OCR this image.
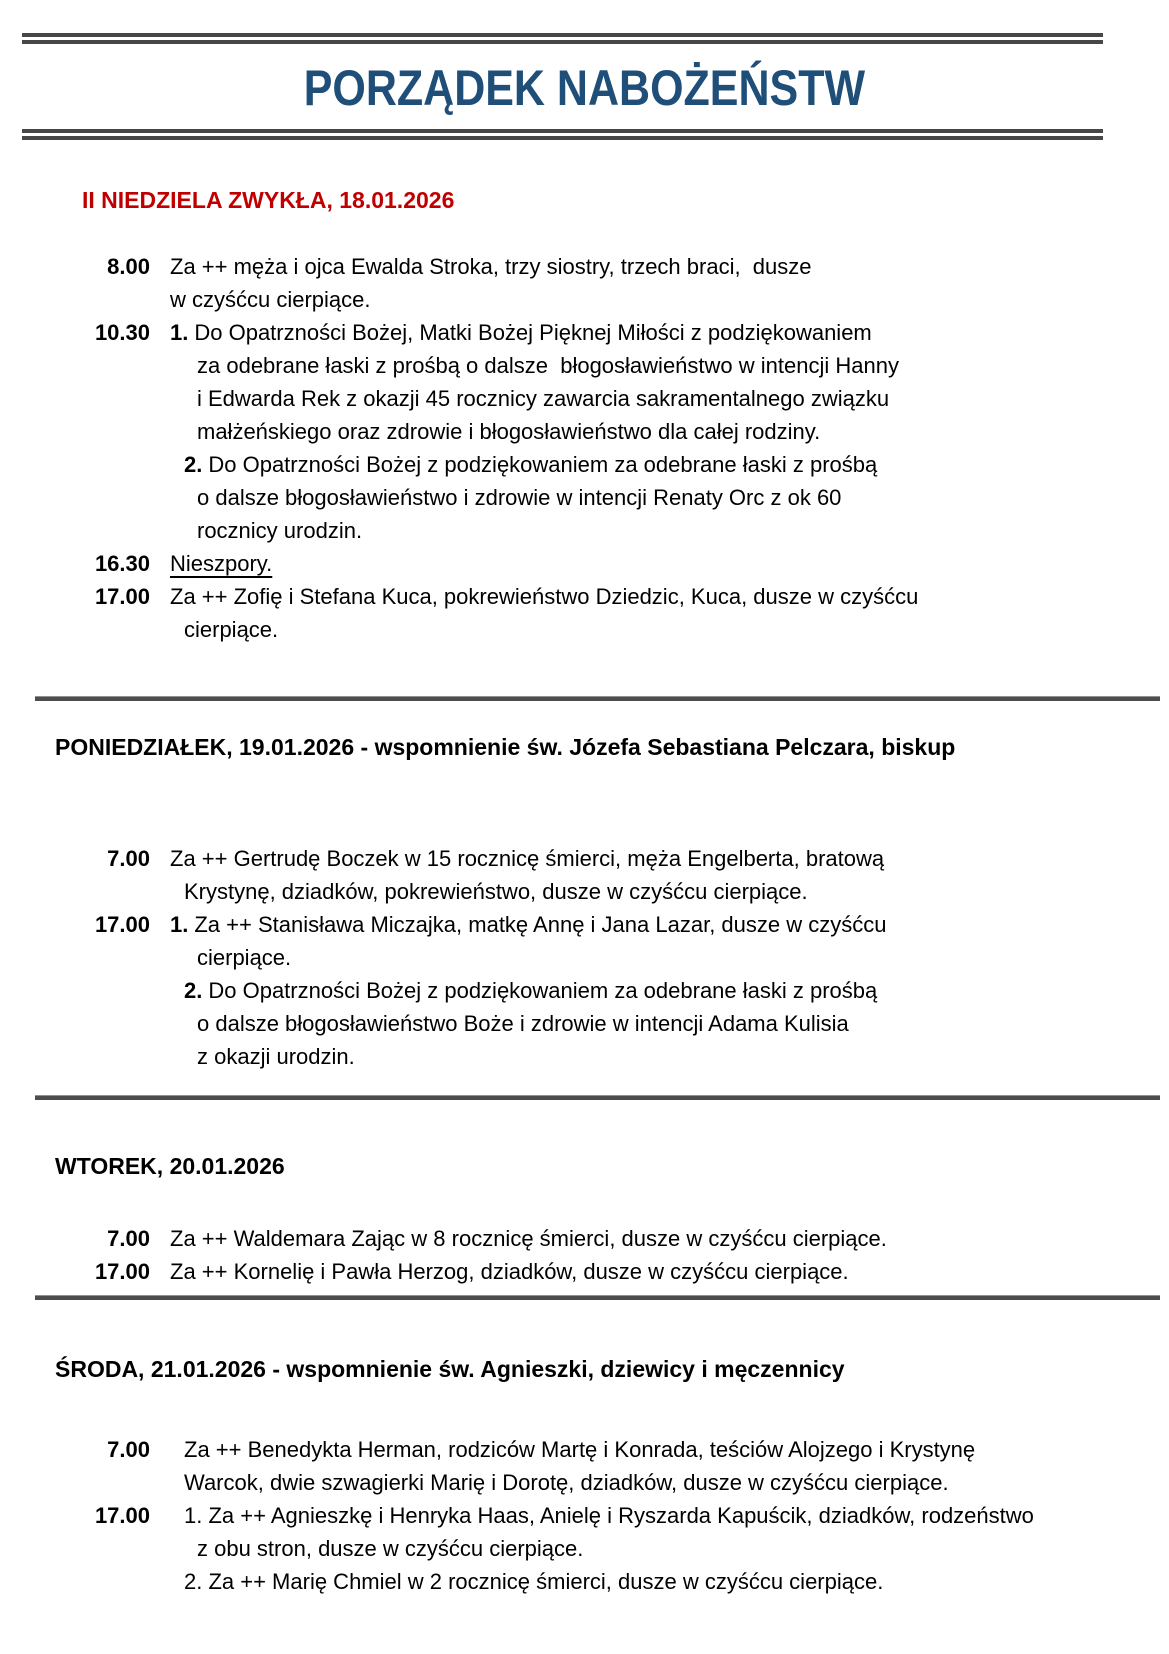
PORZĄDEK NABOŻEŃSTW
II NIEDZIELA ZWYKŁA, 18.01.2026
8.00 Za ++ męża i ojca Ewalda Stroka, trzy siostry, trzech braci,  dusze
w czyśćcu cierpiące.
10.30 1. Do Opatrzności Bożej, Matki Bożej Pięknej Miłości z podziękowaniem
za odebrane łaski z prośbą o dalsze  błogosławieństwo w intencji Hanny
i Edwarda Rek z okazji 45 rocznicy zawarcia sakramentalnego związku
małżeńskiego oraz zdrowie i błogosławieństwo dla całej rodziny.
2. Do Opatrzności Bożej z podziękowaniem za odebrane łaski z prośbą
o dalsze błogosławieństwo i zdrowie w intencji Renaty Orc z ok 60
rocznicy urodzin.
16.30 Nieszpory.
17.00 Za ++ Zofię i Stefana Kuca, pokrewieństwo Dziedzic, Kuca, dusze w czyśćcu
cierpiące.
PONIEDZIAŁEK, 19.01.2026 - wspomnienie św. Józefa Sebastiana Pelczara, biskup
7.00 Za ++ Gertrudę Boczek w 15 rocznicę śmierci, męża Engelberta, bratową
Krystynę, dziadków, pokrewieństwo, dusze w czyśćcu cierpiące.
17.00 1. Za ++ Stanisława Miczajka, matkę Annę i Jana Lazar, dusze w czyśćcu
cierpiące.
2. Do Opatrzności Bożej z podziękowaniem za odebrane łaski z prośbą
o dalsze błogosławieństwo Boże i zdrowie w intencji Adama Kulisia
z okazji urodzin.
WTOREK, 20.01.2026
7.00 Za ++ Waldemara Zając w 8 rocznicę śmierci, dusze w czyśćcu cierpiące.
17.00 Za ++ Kornelię i Pawła Herzog, dziadków, dusze w czyśćcu cierpiące.
ŚRODA, 21.01.2026 - wspomnienie św. Agnieszki, dziewicy i męczennicy
7.00	Za ++ Benedykta Herman, rodziców Martę i Konrada, teściów Alojzego i Krystynę
Warcok, dwie szwagierki Marię i Dorotę, dziadków, dusze w czyśćcu cierpiące.
17.00	1. Za ++ Agnieszkę i Henryka Haas, Anielę i Ryszarda Kapuścik, dziadków, rodzeństwo
z obu stron, dusze w czyśćcu cierpiące.
2. Za ++ Marię Chmiel w 2 rocznicę śmierci, dusze w czyśćcu cierpiące.
